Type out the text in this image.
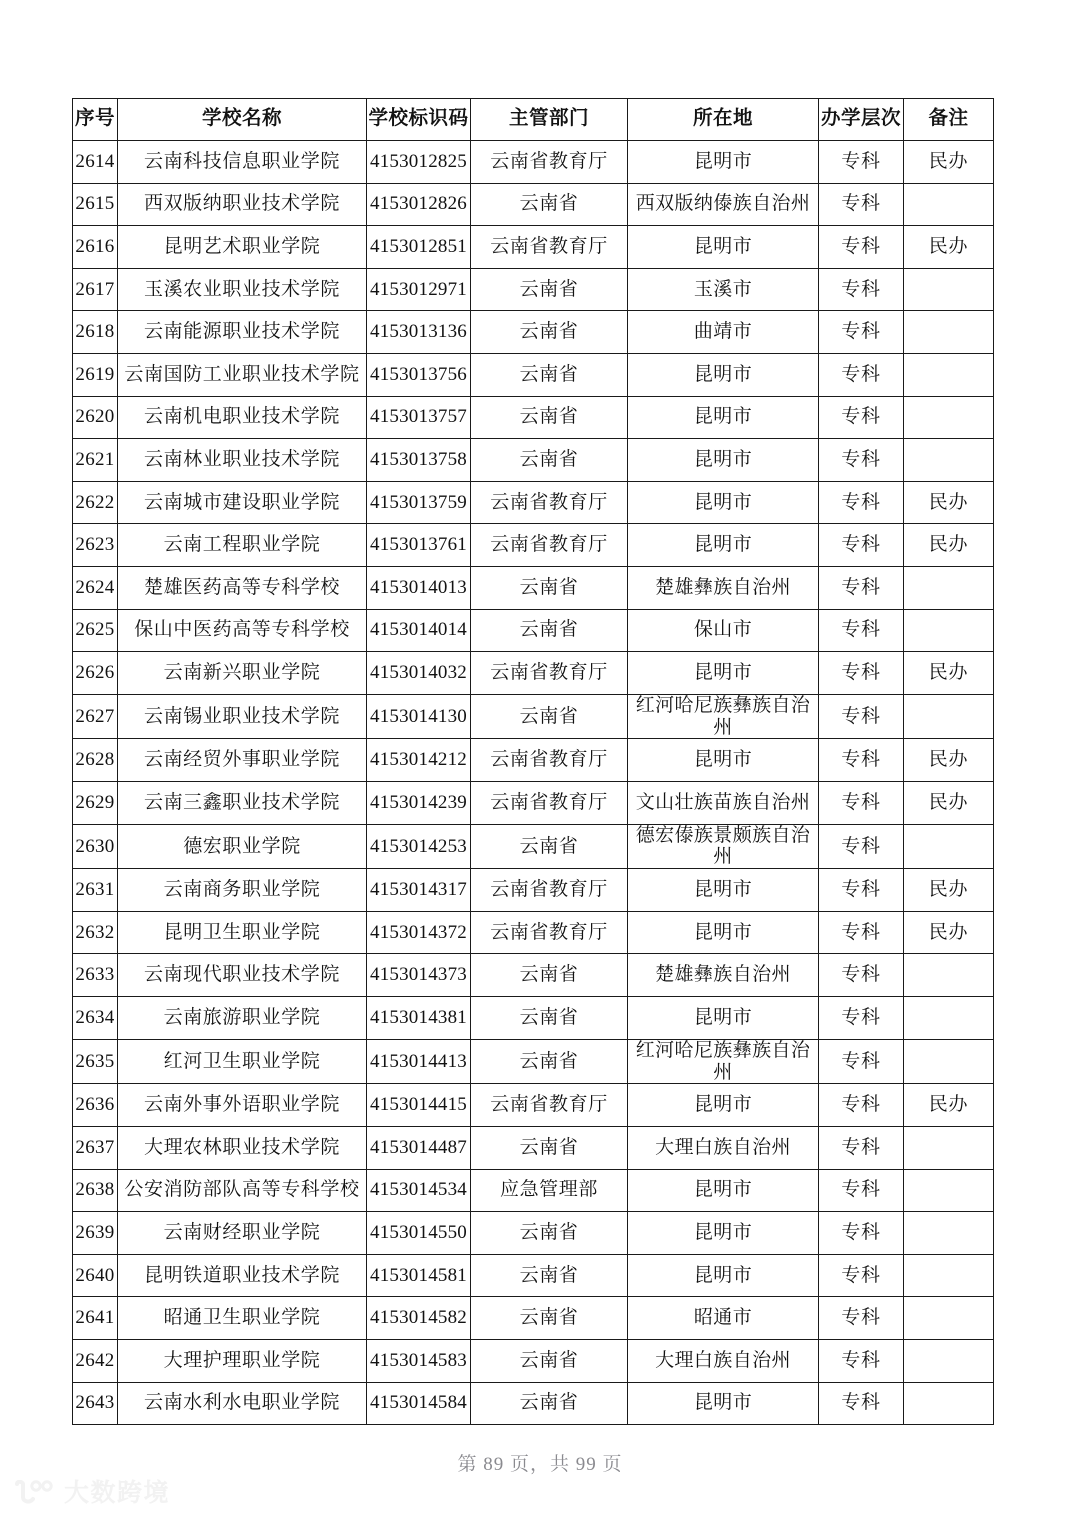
序号	学校名称	学校标识码	主管部门	所在地	办学层次	备注
2614	云南科技信息职业学院	4153012825	云南省教育厅	昆明市	专科	民办
2615	西双版纳职业技术学院	4153012826	云南省	西双版纳傣族自治州	专科	
2616	昆明艺术职业学院	4153012851	云南省教育厅	昆明市	专科	民办
2617	玉溪农业职业技术学院	4153012971	云南省	玉溪市	专科	
2618	云南能源职业技术学院	4153013136	云南省	曲靖市	专科	
2619	云南国防工业职业技术学院	4153013756	云南省	昆明市	专科	
2620	云南机电职业技术学院	4153013757	云南省	昆明市	专科	
2621	云南林业职业技术学院	4153013758	云南省	昆明市	专科	
2622	云南城市建设职业学院	4153013759	云南省教育厅	昆明市	专科	民办
2623	云南工程职业学院	4153013761	云南省教育厅	昆明市	专科	民办
2624	楚雄医药高等专科学校	4153014013	云南省	楚雄彝族自治州	专科	
2625	保山中医药高等专科学校	4153014014	云南省	保山市	专科	
2626	云南新兴职业学院	4153014032	云南省教育厅	昆明市	专科	民办
2627	云南锡业职业技术学院	4153014130	云南省	红河哈尼族彝族自治州	专科	
2628	云南经贸外事职业学院	4153014212	云南省教育厅	昆明市	专科	民办
2629	云南三鑫职业技术学院	4153014239	云南省教育厅	文山壮族苗族自治州	专科	民办
2630	德宏职业学院	4153014253	云南省	德宏傣族景颇族自治州	专科	
2631	云南商务职业学院	4153014317	云南省教育厅	昆明市	专科	民办
2632	昆明卫生职业学院	4153014372	云南省教育厅	昆明市	专科	民办
2633	云南现代职业技术学院	4153014373	云南省	楚雄彝族自治州	专科	
2634	云南旅游职业学院	4153014381	云南省	昆明市	专科	
2635	红河卫生职业学院	4153014413	云南省	红河哈尼族彝族自治州	专科	
2636	云南外事外语职业学院	4153014415	云南省教育厅	昆明市	专科	民办
2637	大理农林职业技术学院	4153014487	云南省	大理白族自治州	专科	
2638	公安消防部队高等专科学校	4153014534	应急管理部	昆明市	专科	
2639	云南财经职业学院	4153014550	云南省	昆明市	专科	
2640	昆明铁道职业技术学院	4153014581	云南省	昆明市	专科	
2641	昭通卫生职业学院	4153014582	云南省	昭通市	专科	
2642	大理护理职业学院	4153014583	云南省	大理白族自治州	专科	
2643	云南水利水电职业学院	4153014584	云南省	昆明市	专科	
第 89 页，共 99 页
大数跨境
